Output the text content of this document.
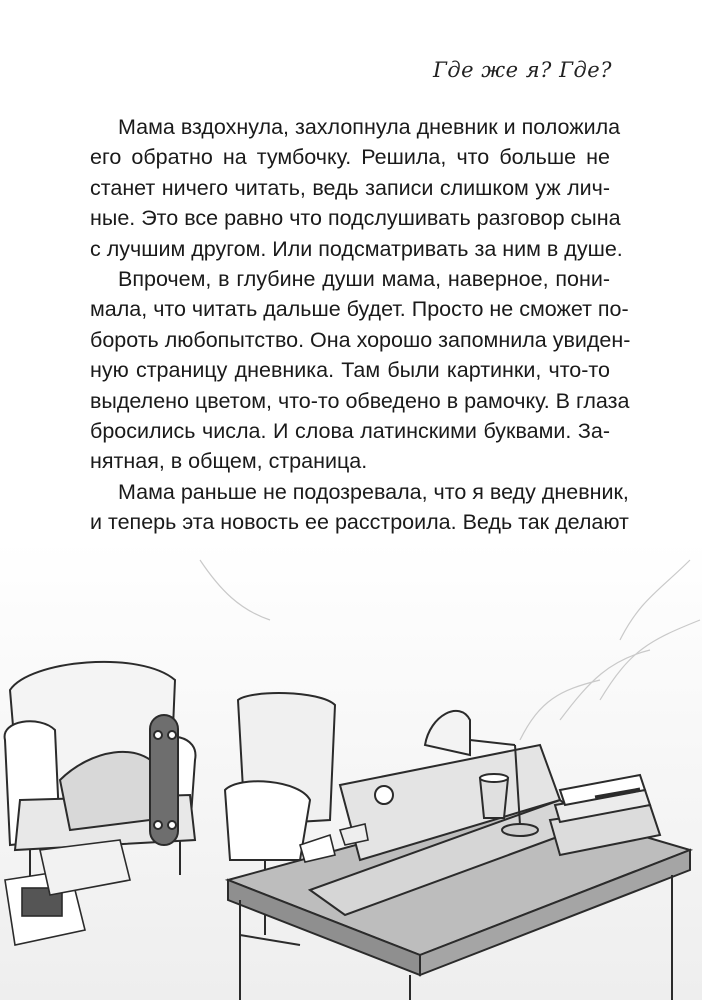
Где же я? Где?
Мама вздохнула, захлопнула дневник и положила
его обратно на тумбочку. Решила, что больше не
станет ничего читать, ведь записи слишком уж лич-
ные. Это все равно что подслушивать разговор сына
с лучшим другом. Или подсматривать за ним в душе.
Впрочем, в глубине души мама, наверное, пони-
мала, что читать дальше будет. Просто не сможет по-
бороть любопытство. Она хорошо запомнила увиден-
ную страницу дневника. Там были картинки, что-то
выделено цветом, что-то обведено в рамочку. В глаза
бросились числа. И слова латинскими буквами. За-
нятная, в общем, страница.
Мама раньше не подозревала, что я веду дневник,
и теперь эта новость ее расстроила. Ведь так делают
